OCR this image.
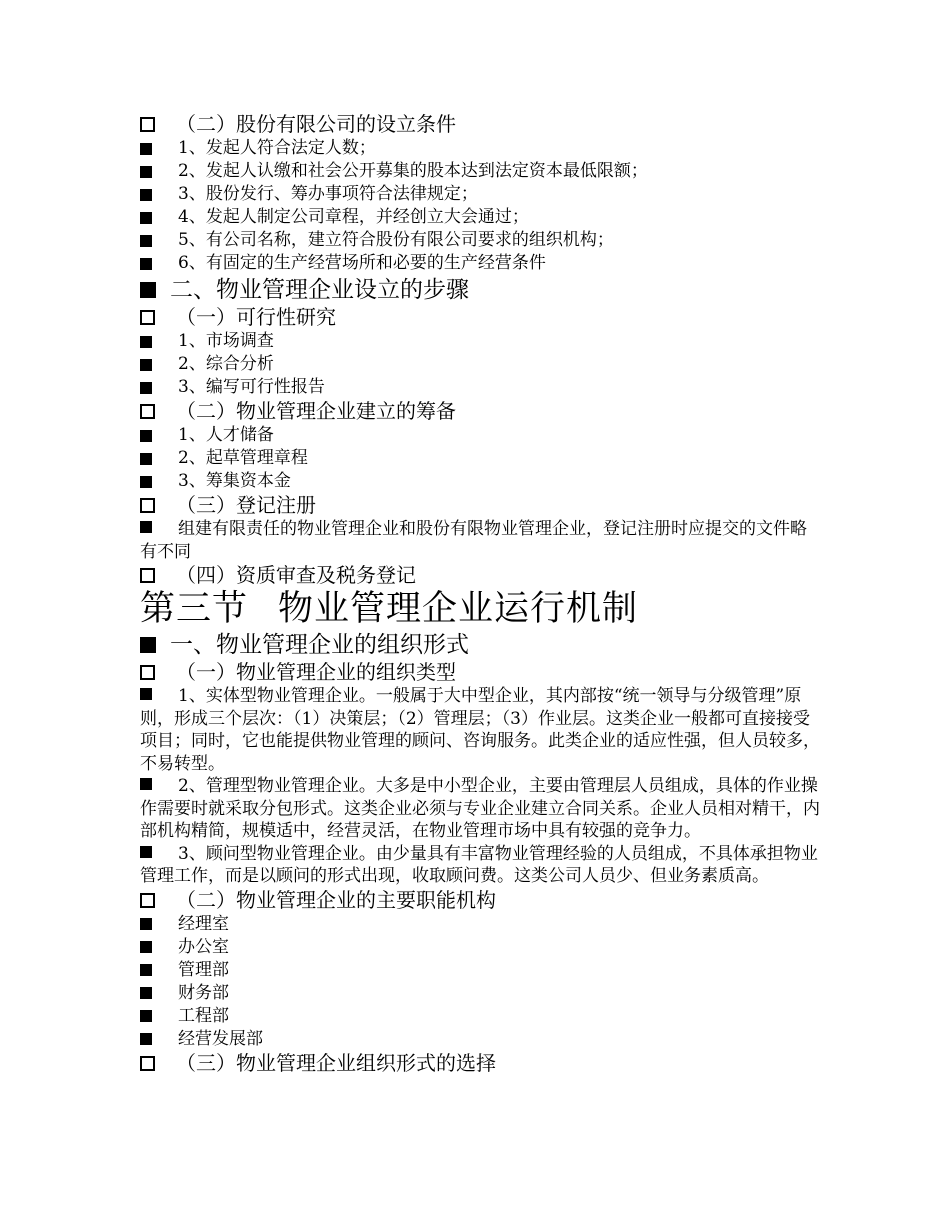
（二）股份有限公司的设立条件
1、发起人符合法定人数；
2、发起人认缴和社会公开募集的股本达到法定资本最低限额；
3、股份发行、筹办事项符合法律规定；
4、发起人制定公司章程，并经创立大会通过；
5、有公司名称，建立符合股份有限公司要求的组织机构；
6、有固定的生产经营场所和必要的生产经营条件
二、物业管理企业设立的步骤
（一）可行性研究
1、市场调查
2、综合分析
3、编写可行性报告
（二）物业管理企业建立的筹备
1、人才储备
2、起草管理章程
3、筹集资本金
（三）登记注册
组建有限责任的物业管理企业和股份有限物业管理企业，登记注册时应提交的文件略有不同
（四）资质审查及税务登记
第三节 物业管理企业运行机制
一、物业管理企业的组织形式
（一）物业管理企业的组织类型
1、实体型物业管理企业。一般属于大中型企业，其内部按“统一领导与分级管理”原则，形成三个层次：（1）决策层；（2）管理层；（3）作业层。这类企业一般都可直接接受项目；同时，它也能提供物业管理的顾问、咨询服务。此类企业的适应性强，但人员较多，不易转型。
2、管理型物业管理企业。大多是中小型企业，主要由管理层人员组成，具体的作业操作需要时就采取分包形式。这类企业必须与专业企业建立合同关系。企业人员相对精干，内部机构精简，规模适中，经营灵活，在物业管理市场中具有较强的竞争力。
3、顾问型物业管理企业。由少量具有丰富物业管理经验的人员组成，不具体承担物业管理工作，而是以顾问的形式出现，收取顾问费。这类公司人员少、但业务素质高。
（二）物业管理企业的主要职能机构
经理室
办公室
管理部
财务部
工程部
经营发展部
（三）物业管理企业组织形式的选择
